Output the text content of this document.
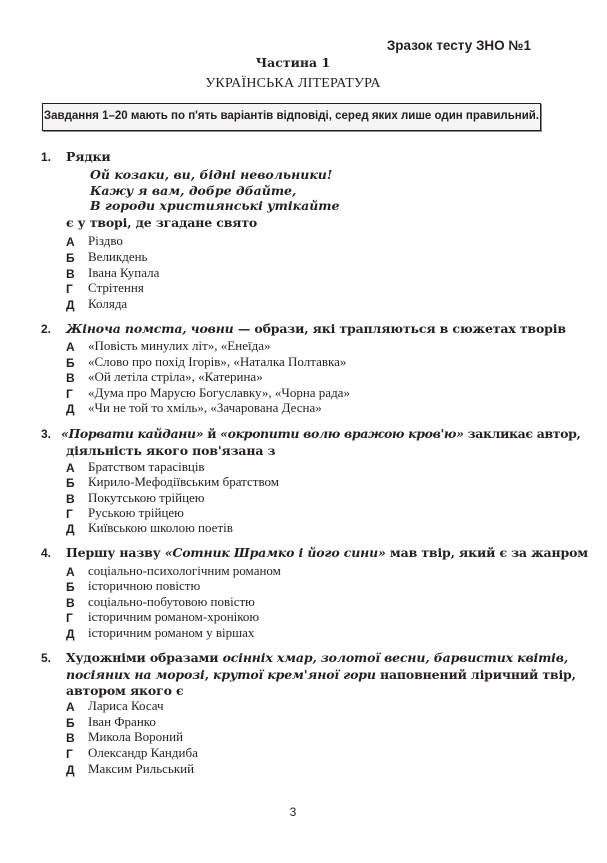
Зразок тесту ЗНО №1
Частина 1
УКРАЇНСЬКА ЛІТЕРАТУРА
Завдання 1–20 мають по п'ять варіантів відповіді, серед яких лише один правильний.
1. Рядки
Ой козаки, ви, бідні невольники!
Кажу я вам, добре дбайте,
В городи християнські утікайте
є у творі, де згадане свято
А Різдво
Б Великдень
В Івана Купала
Г Стрітення
Д Коляда
2. Жіноча помста, човни — образи, які трапляються в сюжетах творів
А «Повість минулих літ», «Енеїда»
Б «Слово про похід Ігорів», «Наталка Полтавка»
В «Ой летіла стріла», «Катерина»
Г «Дума про Марусю Богуславку», «Чорна рада»
Д «Чи не той то хміль», «Зачарована Десна»
3. «Порвати кайдани» й «окропити волю вражою кров'ю» закликає автор,
діяльність якого пов'язана з
А Братством тарасівців
Б Кирило-Мефодіївським братством
В Покутською трійцею
Г Руською трійцею
Д Київською школою поетів
4. Першу назву «Сотник Шрамко і його сини» мав твір, який є за жанром
А соціально-психологічним романом
Б історичною повістю
В соціально-побутовою повістю
Г історичним романом-хронікою
Д історичним романом у віршах
5. Художніми образами осінніх хмар, золотої весни, барвистих квітів,
посіяних на морозі, крутої крем'яної гори наповнений ліричний твір,
автором якого є
А Лариса Косач
Б Іван Франко
В Микола Вороний
Г Олександр Кандиба
Д Максим Рильський
3
